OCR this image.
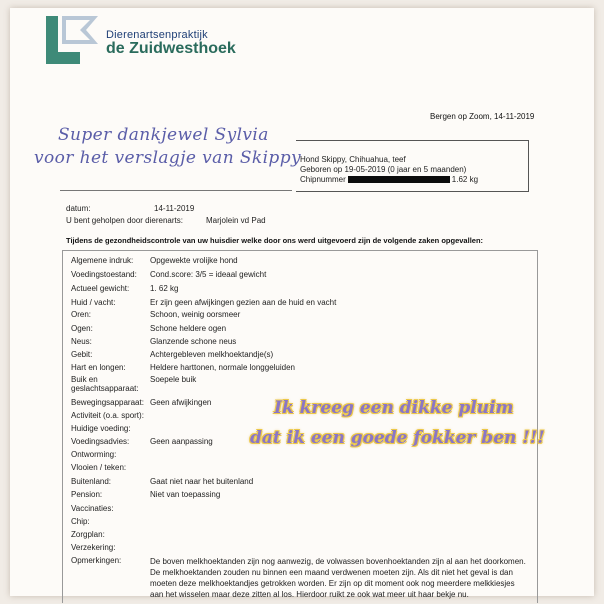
Dierenartsenpraktijk
de Zuidwesthoek
Bergen op Zoom, 14-11-2019
Super dankjewel Sylvia
voor het verslagje van Skippy Hond Skippy, Chihuahua, teef
Geboren op 19-05-2019 (0 jaar en 5 maanden)
Chipnummer	1.62 kg
datum:	14-11-2019
U bent geholpen door dierenarts:	Marjolein vd Pad
Tijdens de gezondheidscontrole van uw huisdier welke door ons werd uitgevoerd zijn de volgende zaken opgevallen:
Algemene indruk:	Opgewekte vrolijke hond
Voedingstoestand:	Cond.score: 3/5 = ideaal gewicht
Actueel gewicht:	1. 62 kg
Huid / vacht:	Er zijn geen afwijkingen gezien aan de huid en vacht
Oren:	Schoon, weinig oorsmeer
Ogen:	Schone heldere ogen
Neus:	Glanzende schone neus
Gebit:	Achtergebleven melkhoektandje(s)
Hart en longen:	Heldere harttonen, normale longgeluiden
Buik en geslachtsapparaat:
Soepele buik
Bewegingsapparaat: Geen afwijkingen
Activiteit (o.a. sport):
Huidige voeding:
Voedingsadvies:	Geen aanpassing
Ontworming:
Vlooien / teken:
Buitenland:	Gaat niet naar het buitenland
Pension:	Niet van toepassing
Vaccinaties:
Chip:
Zorgplan:
Verzekering:
Opmerkingen:	De boven melkhoektanden zijn nog aanwezig, de volwassen bovenhoektanden zijn al aan het doorkomen. De melkhoektanden zouden nu binnen een maand verdwenen moeten zijn. Als dit niet het geval is dan moeten deze melkhoektandjes getrokken worden. Er zijn op dit moment ook nog meerdere melkkiesjes aan het wisselen maar deze zitten al los. Hierdoor ruikt ze ook wat meer uit haar bekje nu.
Ik kreeg een dikke pluim
dat ik een goede fokker ben !!!
